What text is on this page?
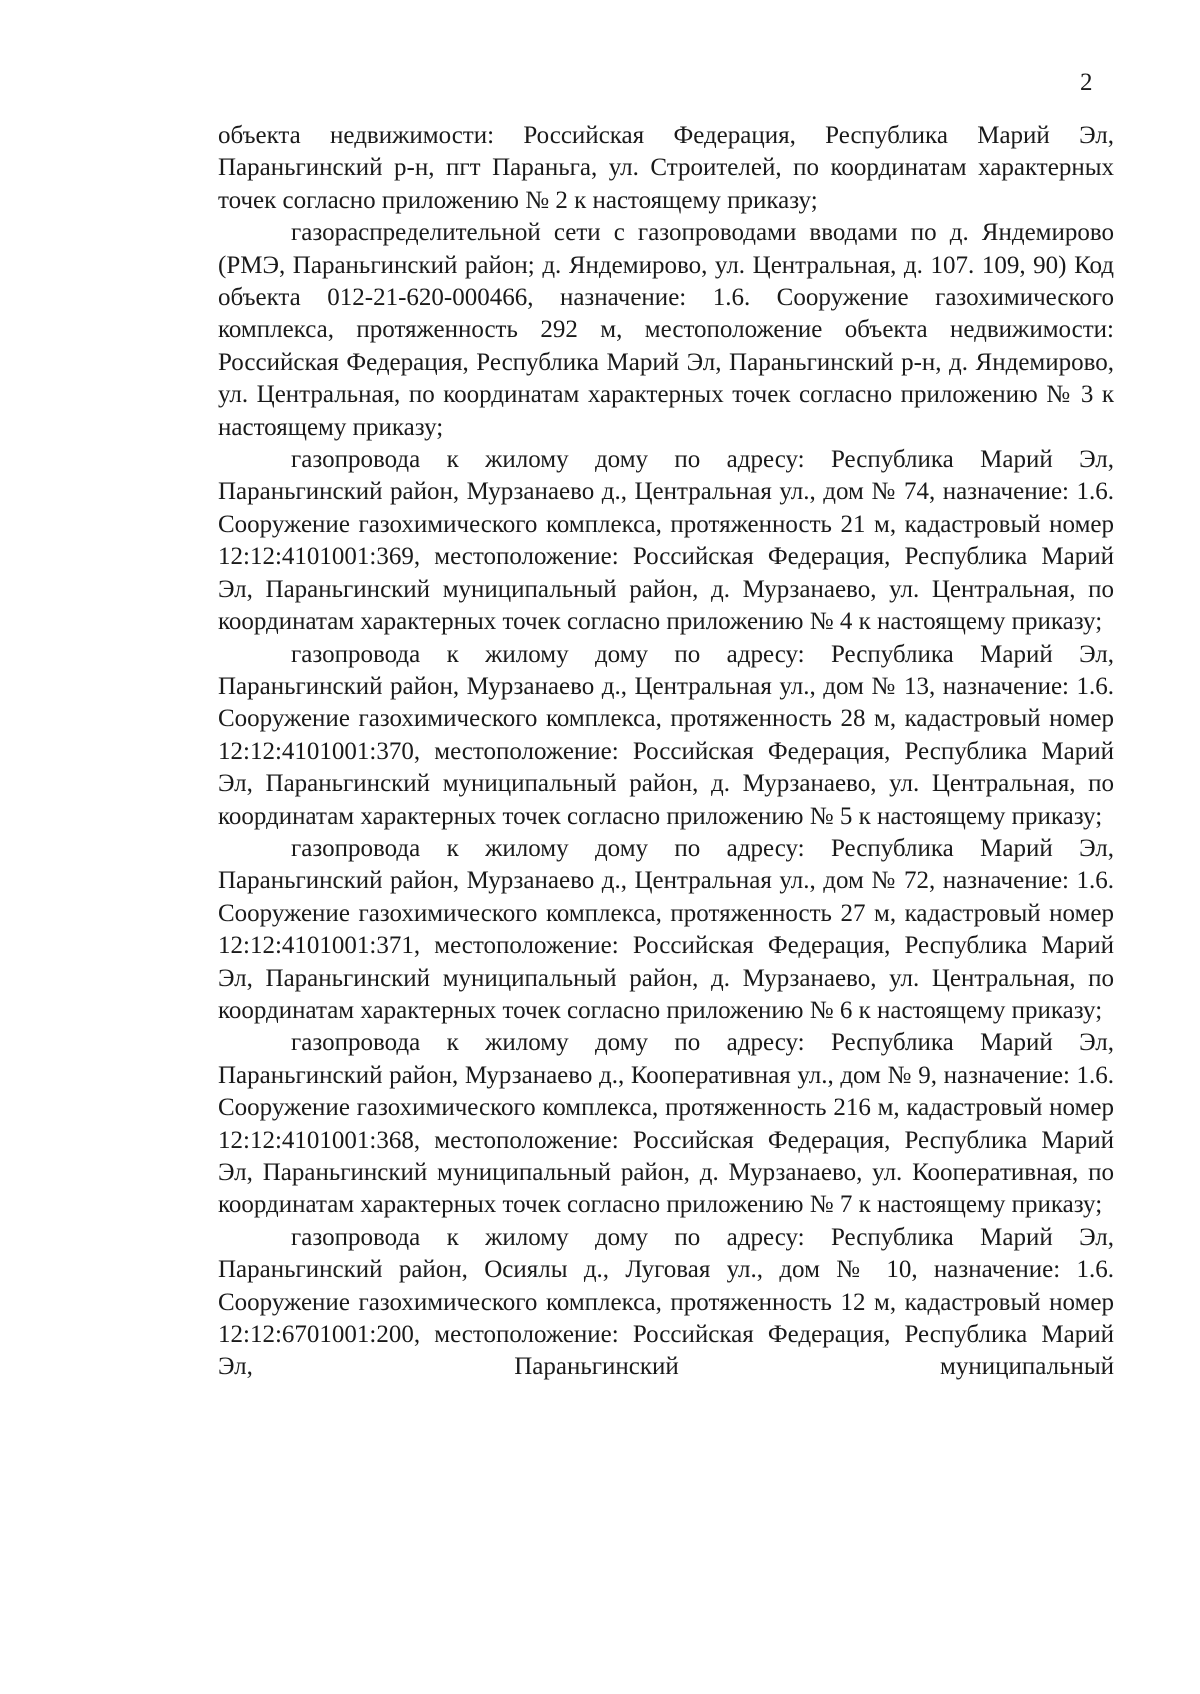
2

объекта недвижимости: Российская Федерация, Республика Марий Эл, Параньгинский р-н, пгт Параньга, ул. Строителей, по координатам характерных точек согласно приложению № 2 к настоящему приказу;

газораспределительной сети с газопроводами вводами по д. Яндемирово (РМЭ, Параньгинский район; д. Яндемирово, ул. Центральная, д. 107. 109, 90) Код объекта 012-21-620-000466, назначение: 1.6. Сооружение газохимического комплекса, протяженность 292 м, местоположение объекта недвижимости: Российская Федерация, Республика Марий Эл, Параньгинский р-н, д. Яндемирово, ул. Центральная, по координатам характерных точек согласно приложению № 3 к настоящему приказу;

газопровода к жилому дому по адресу: Республика Марий Эл, Параньгинский район, Мурзанаево д., Центральная ул., дом № 74, назначение: 1.6. Сооружение газохимического комплекса, протяженность 21 м, кадастровый номер 12:12:4101001:369, местоположение: Российская Федерация, Республика Марий Эл, Параньгинский муниципальный район, д. Мурзанаево, ул. Центральная, по координатам характерных точек согласно приложению № 4 к настоящему приказу;

газопровода к жилому дому по адресу: Республика Марий Эл, Параньгинский район, Мурзанаево д., Центральная ул., дом № 13, назначение: 1.6. Сооружение газохимического комплекса, протяженность 28 м, кадастровый номер 12:12:4101001:370, местоположение: Российская Федерация, Республика Марий Эл, Параньгинский муниципальный район, д. Мурзанаево, ул. Центральная, по координатам характерных точек согласно приложению № 5 к настоящему приказу;

газопровода к жилому дому по адресу: Республика Марий Эл, Параньгинский район, Мурзанаево д., Центральная ул., дом № 72, назначение: 1.6. Сооружение газохимического комплекса, протяженность 27 м, кадастровый номер 12:12:4101001:371, местоположение: Российская Федерация, Республика Марий Эл, Параньгинский муниципальный район, д. Мурзанаево, ул. Центральная, по координатам характерных точек согласно приложению № 6 к настоящему приказу;

газопровода к жилому дому по адресу: Республика Марий Эл, Параньгинский район, Мурзанаево д., Кооперативная ул., дом № 9, назначение: 1.6. Сооружение газохимического комплекса, протяженность 216 м, кадастровый номер 12:12:4101001:368, местоположение: Российская Федерация, Республика Марий Эл, Параньгинский муниципальный район, д. Мурзанаево, ул. Кооперативная, по координатам характерных точек согласно приложению № 7 к настоящему приказу;

газопровода к жилому дому по адресу: Республика Марий Эл, Параньгинский район, Осиялы д., Луговая ул., дом № 10, назначение: 1.6. Сооружение газохимического комплекса, протяженность 12 м, кадастровый номер 12:12:6701001:200, местоположение: Российская Федерация, Республика Марий Эл, Параньгинский муниципальный
